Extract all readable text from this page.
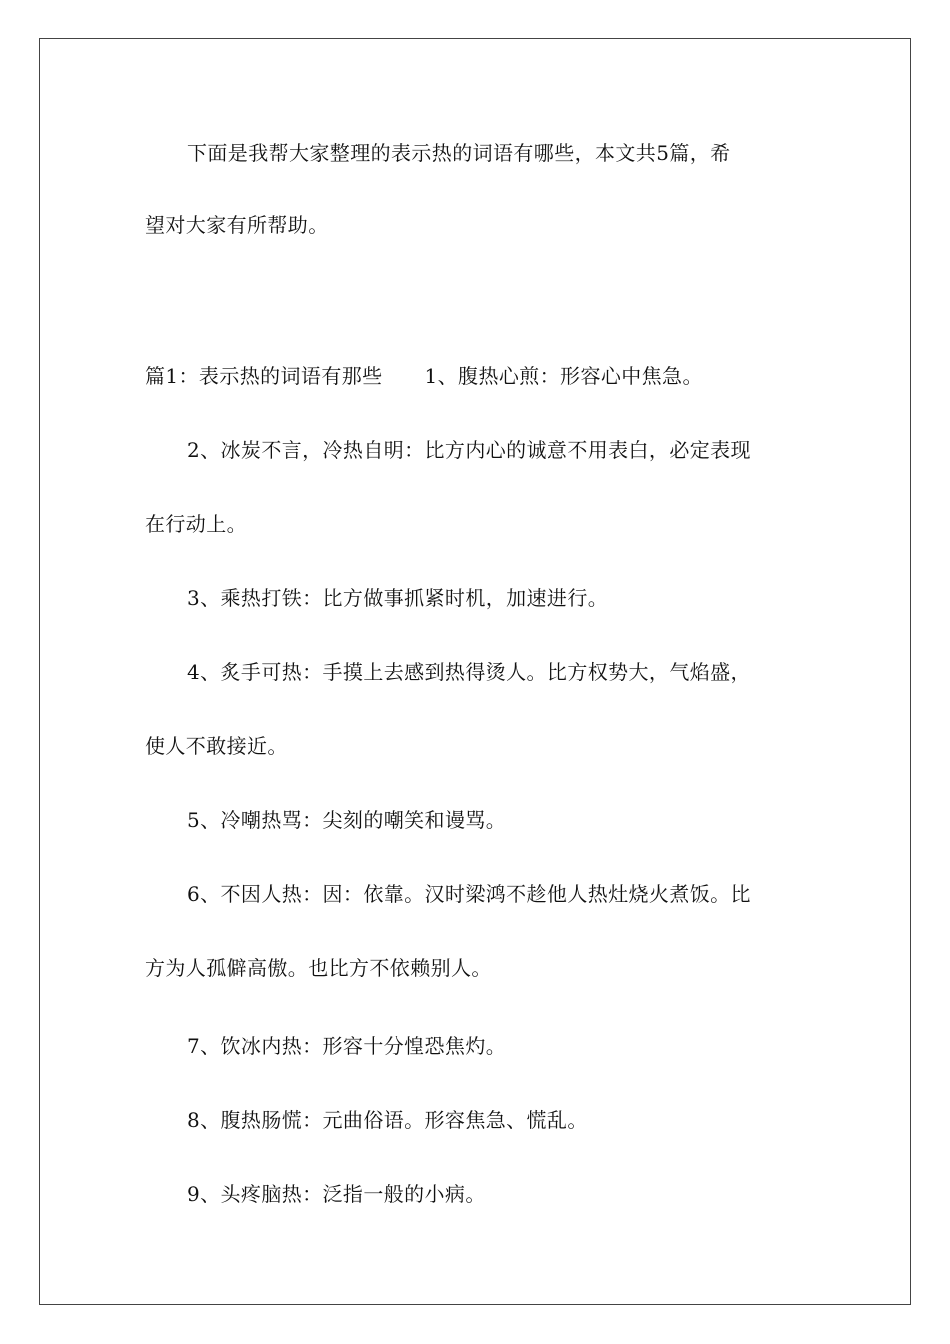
下面是我帮大家整理的表示热的词语有哪些，本文共5篇，希
望对大家有所帮助。
篇1：表示热的词语有那些 1、腹热心煎：形容心中焦急。
2、冰炭不言，冷热自明：比方内心的诚意不用表白，必定表现
在行动上。
3、乘热打铁：比方做事抓紧时机，加速进行。
4、炙手可热：手摸上去感到热得烫人。比方权势大，气焰盛，
使人不敢接近。
5、冷嘲热骂：尖刻的嘲笑和谩骂。
6、不因人热：因：依靠。汉时梁鸿不趁他人热灶烧火煮饭。比
方为人孤僻高傲。也比方不依赖别人。
7、饮冰内热：形容十分惶恐焦灼。
8、腹热肠慌：元曲俗语。形容焦急、慌乱。
9、头疼脑热：泛指一般的小病。
